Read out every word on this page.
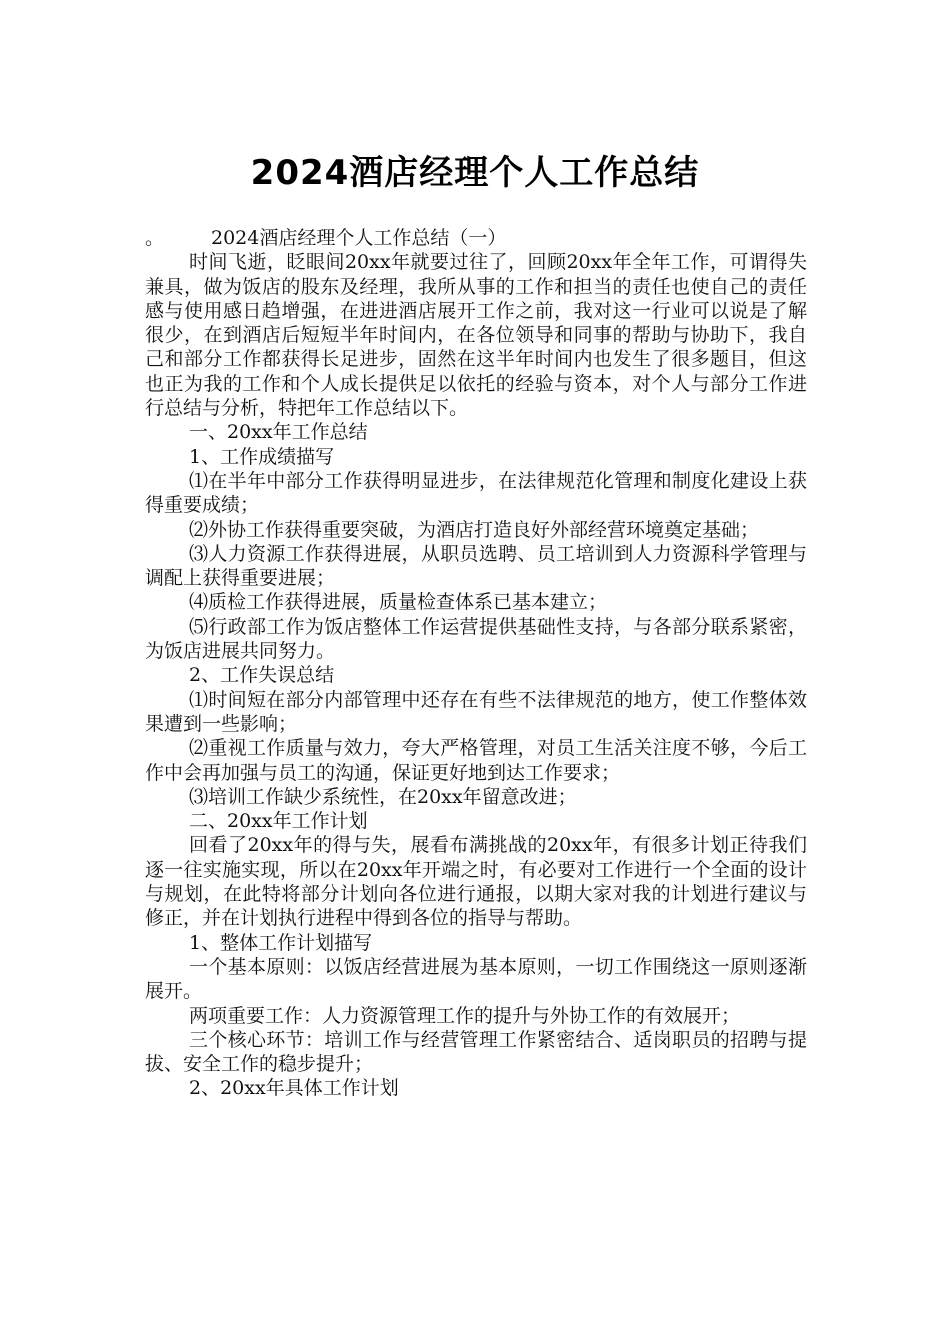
2024酒店经理个人工作总结

。 2024酒店经理个人工作总结（一）

时间飞逝，眨眼间20xx年就要过往了，回顾20xx年全年工作，可谓得失兼具，做为饭店的股东及经理，我所从事的工作和担当的责任也使自己的责任感与使用感日趋增强，在进进酒店展开工作之前，我对这一行业可以说是了解很少，在到酒店后短短半年时间内，在各位领导和同事的帮助与协助下，我自己和部分工作都获得长足进步，固然在这半年时间内也发生了很多题目，但这也正为我的工作和个人成长提供足以依托的经验与资本，对个人与部分工作进行总结与分析，特把年工作总结以下。

一、20xx年工作总结

1、工作成绩描写

⑴在半年中部分工作获得明显进步，在法律规范化管理和制度化建设上获得重要成绩；

⑵外协工作获得重要突破，为酒店打造良好外部经营环境奠定基础；

⑶人力资源工作获得进展，从职员选聘、员工培训到人力资源科学管理与调配上获得重要进展；

⑷质检工作获得进展，质量检查体系已基本建立；

⑸行政部工作为饭店整体工作运营提供基础性支持，与各部分联系紧密，为饭店进展共同努力。

2、工作失误总结

⑴时间短在部分内部管理中还存在有些不法律规范的地方，使工作整体效果遭到一些影响；

⑵重视工作质量与效力，夸大严格管理，对员工生活关注度不够，今后工作中会再加强与员工的沟通，保证更好地到达工作要求；

⑶培训工作缺少系统性，在20xx年留意改进；

二、20xx年工作计划

回看了20xx年的得与失，展看布满挑战的20xx年，有很多计划正待我们逐一往实施实现，所以在20xx年开端之时，有必要对工作进行一个全面的设计与规划，在此特将部分计划向各位进行通报，以期大家对我的计划进行建议与修正，并在计划执行进程中得到各位的指导与帮助。

1、整体工作计划描写

一个基本原则：以饭店经营进展为基本原则，一切工作围绕这一原则逐渐展开。

两项重要工作：人力资源管理工作的提升与外协工作的有效展开；

三个核心环节：培训工作与经营管理工作紧密结合、适岗职员的招聘与提拔、安全工作的稳步提升；

2、20xx年具体工作计划
